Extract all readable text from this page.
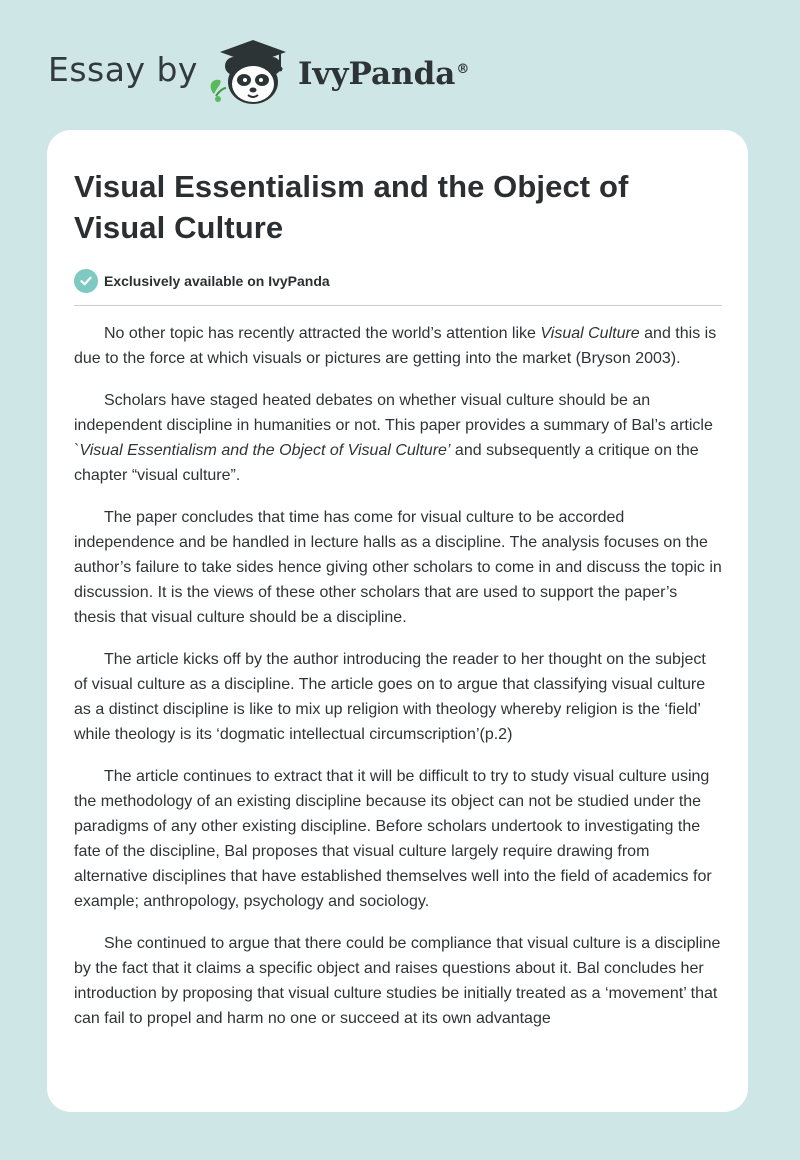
Essay by	IvyPanda®
Visual Essentialism and the Object of Visual Culture
Exclusively available on IvyPanda

No other topic has recently attracted the world’s attention like Visual Culture and this is due to the force at which visuals or pictures are getting into the market (Bryson 2003).

Scholars have staged heated debates on whether visual culture should be an independent discipline in humanities or not. This paper provides a summary of Bal’s article `Visual Essentialism and the Object of Visual Culture’ and subsequently a critique on the chapter “visual culture”.

The paper concludes that time has come for visual culture to be accorded independence and be handled in lecture halls as a discipline. The analysis focuses on the author’s failure to take sides hence giving other scholars to come in and discuss the topic in discussion. It is the views of these other scholars that are used to support the paper’s thesis that visual culture should be a discipline.

The article kicks off by the author introducing the reader to her thought on the subject of visual culture as a discipline. The article goes on to argue that classifying visual culture as a distinct discipline is like to mix up religion with theology whereby religion is the ‘field’ while theology is its ‘dogmatic intellectual circumscription’(p.2)

The article continues to extract that it will be difficult to try to study visual culture using the methodology of an existing discipline because its object can not be studied under the paradigms of any other existing discipline. Before scholars undertook to investigating the fate of the discipline, Bal proposes that visual culture largely require drawing from alternative disciplines that have established themselves well into the field of academics for example; anthropology, psychology and sociology.

She continued to argue that there could be compliance that visual culture is a discipline by the fact that it claims a specific object and raises questions about it. Bal concludes her introduction by proposing that visual culture studies be initially treated as a ‘movement’ that can fail to propel and harm no one or succeed at its own advantage
